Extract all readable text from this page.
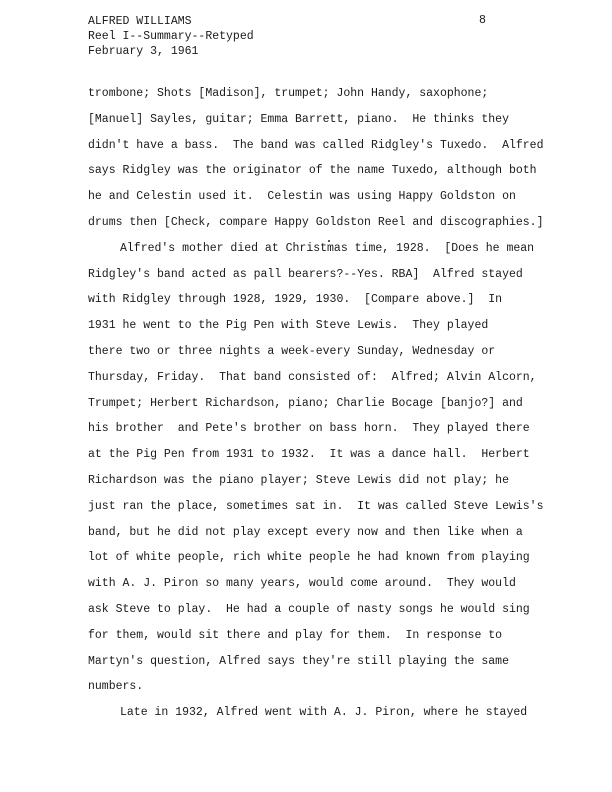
ALFRED WILLIAMS
Reel I--Summary--Retyped
February 3, 1961
8
trombone; Shots [Madison], trumpet; John Handy, saxophone;
[Manuel] Sayles, guitar; Emma Barrett, piano.  He thinks they
didn't have a bass.  The band was called Ridgley's Tuxedo.  Alfred
says Ridgley was the originator of the name Tuxedo, although both
he and Celestin used it.  Celestin was using Happy Goldston on
drums then [Check, compare Happy Goldston Reel and discographies.]
Alfred's mother died at Christmas time, 1928.  [Does he mean
Ridgley's band acted as pall bearers?--Yes. RBA]  Alfred stayed
with Ridgley through 1928, 1929, 1930.  [Compare above.]  In
1931 he went to the Pig Pen with Steve Lewis.  They played
there two or three nights a week-every Sunday, Wednesday or
Thursday, Friday.  That band consisted of:  Alfred; Alvin Alcorn,
Trumpet; Herbert Richardson, piano; Charlie Bocage [banjo?] and
his brother  and Pete's brother on bass horn.  They played there
at the Pig Pen from 1931 to 1932.  It was a dance hall.  Herbert
Richardson was the piano player; Steve Lewis did not play; he
just ran the place, sometimes sat in.  It was called Steve Lewis's
band, but he did not play except every now and then like when a
lot of white people, rich white people he had known from playing
with A. J. Piron so many years, would come around.  They would
ask Steve to play.  He had a couple of nasty songs he would sing
for them, would sit there and play for them.  In response to
Martyn's question, Alfred says they're still playing the same
numbers.
Late in 1932, Alfred went with A. J. Piron, where he stayed
